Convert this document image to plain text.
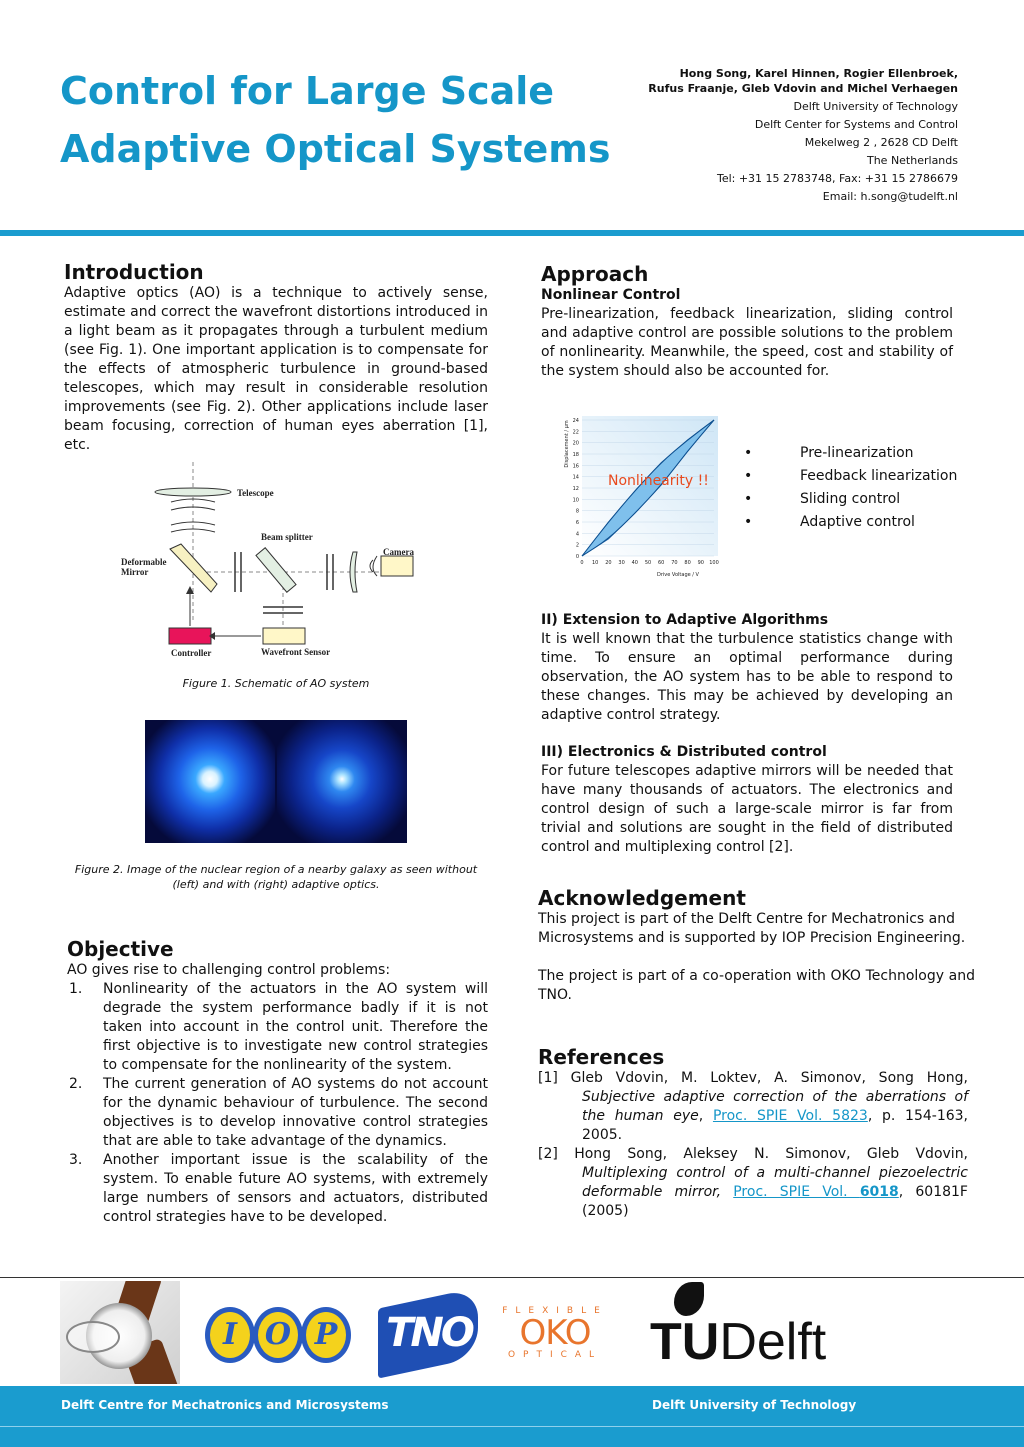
Control for Large Scale
Adaptive Optical Systems
Hong Song, Karel Hinnen, Rogier Ellenbroek,
Rufus Fraanje, Gleb Vdovin and Michel Verhaegen
Delft University of Technology
Delft Center for Systems and Control
Mekelweg 2 , 2628 CD Delft
The Netherlands
Tel: +31 15 2783748, Fax: +31 15 2786679
Email: h.song@tudelft.nl
Introduction
Adaptive optics (AO) is a technique to actively sense, estimate and correct the wavefront distortions introduced in a light beam as it propagates through a turbulent medium (see Fig. 1). One important application is to compensate for the effects of atmospheric turbulence in ground-based telescopes, which may result in considerable resolution improvements (see Fig. 2). Other applications include laser beam focusing, correction of human eyes aberration [1], etc.
Telescope
Beam splitter
Camera
Deformable
Mirror
Controller	Wavefront Sensor
Figure 1. Schematic of AO system
Figure 2. Image of the nuclear region of a nearby galaxy as seen without
(left) and with (right) adaptive optics.
Objective
AO gives rise to challenging control problems:
1. Nonlinearity of the actuators in the AO system will degrade the system performance badly if it is not taken into account in the control unit. Therefore the first objective is to investigate new control strategies to compensate for the nonlinearity of the system.
2. The current generation of AO systems do not account for the dynamic behaviour of turbulence. The second objectives is to develop innovative control strategies that are able to take advantage of the dynamics.
3. Another important issue is the scalability of the system. To enable future AO systems, with extremely large numbers of sensors and actuators, distributed control strategies have to be developed.
Approach
Nonlinear Control
Pre-linearization, feedback linearization, sliding control and adaptive control are possible solutions to the problem of nonlinearity. Meanwhile, the speed, cost and stability of the system should also be accounted for.
0 10 20 30 40 50 60 70 80 90 100
0
2
4
6
8
10
12
14
16
18
20
22
24
Drive Voltage / V
Displacement / μm
Nonlinearity !!
• Pre-linearization
• Feedback linearization
• Sliding control
• Adaptive control
II) Extension to Adaptive Algorithms
It is well known that the turbulence statistics change with time. To ensure an optimal performance during observation, the AO system has to be able to respond to these changes. This may be achieved by developing an adaptive control strategy.
III) Electronics & Distributed control
For future telescopes adaptive mirrors will be needed that have many thousands of actuators. The electronics and control design of such a large-scale mirror is far from trivial and solutions are sought in the field of distributed control and multiplexing control [2].
Acknowledgement
This project is part of the Delft Centre for Mechatronics and Microsystems and is supported by IOP Precision Engineering.
The project is part of a co-operation with OKO Technology and TNO.
References
[1] Gleb Vdovin, M. Loktev, A. Simonov, Song Hong,
Subjective adaptive correction of the aberrations of the human eye, Proc. SPIE Vol. 5823, p. 154-163, 2005.
[2] Hong Song, Aleksey N. Simonov, Gleb Vdovin,
Multiplexing control of a multi-channel piezoelectric deformable mirror, Proc. SPIE Vol. 6018, 60181F (2005)
I O P TNO	FLEXIBLE
OKO
OPTICAL TUDelft
Delft Centre for Mechatronics and Microsystems	Delft University of Technology
